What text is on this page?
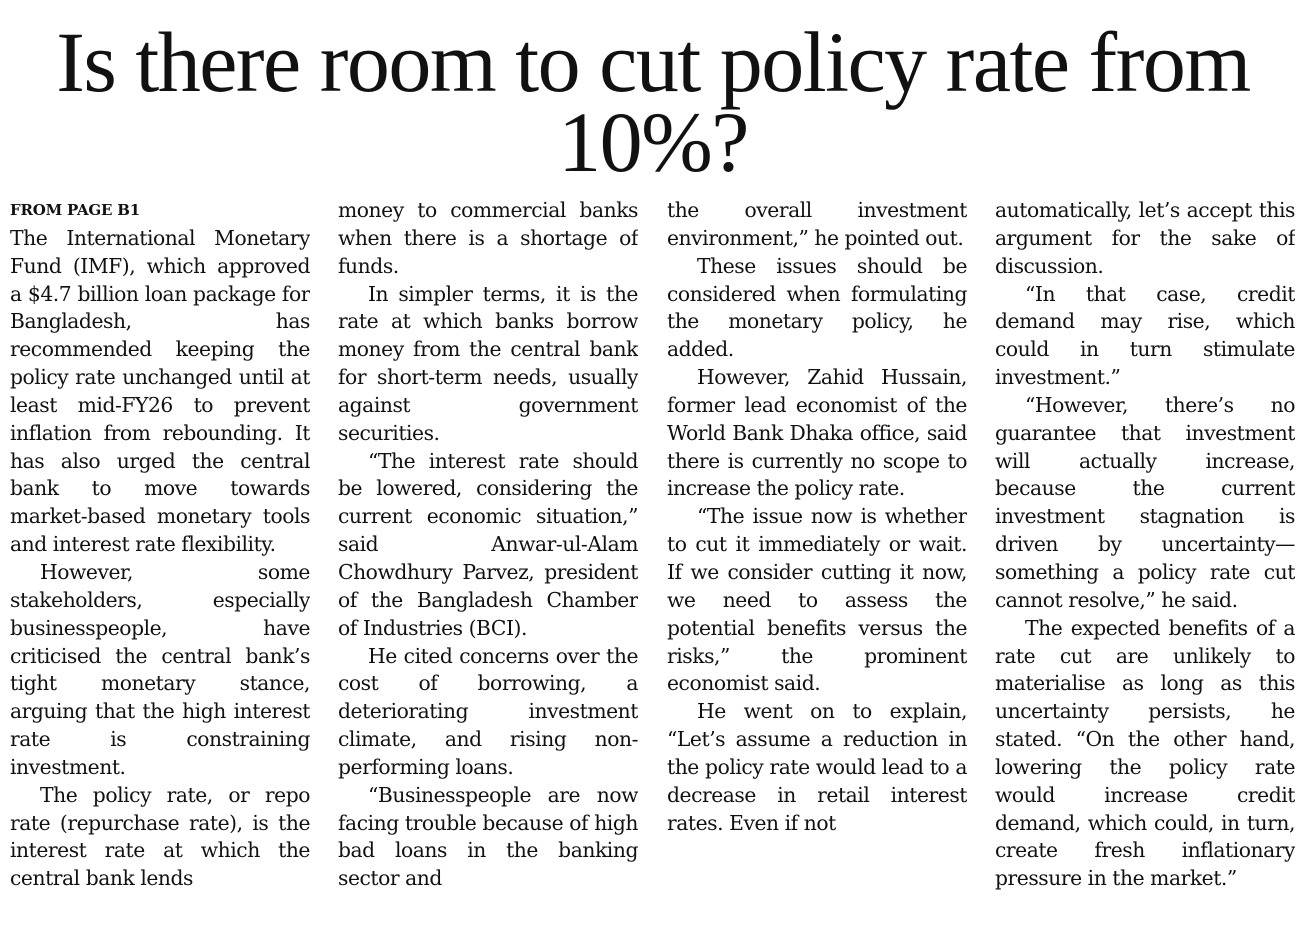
Is there room to cut policy rate from 10%?
FROM PAGE B1

The International Monetary Fund (IMF), which approved a $4.7 billion loan package for Bangladesh, has recommended keeping the policy rate unchanged until at least mid-FY26 to prevent inflation from rebounding. It has also urged the central bank to move towards market-based monetary tools and interest rate flexibility.

However, some stakeholders, especially businesspeople, have criticised the central bank’s tight monetary stance, arguing that the high interest rate is constraining investment.

The policy rate, or repo rate (repurchase rate), is the interest rate at which the central bank lends

money to commercial banks when there is a shortage of funds.

In simpler terms, it is the rate at which banks borrow money from the central bank for short-term needs, usually against government securities.

“The interest rate should be lowered, considering the current economic situation,” said Anwar-ul-Alam Chowdhury Parvez, president of the Bangladesh Chamber of Industries (BCI).

He cited concerns over the cost of borrowing, a deteriorating investment climate, and rising non-performing loans.

“Businesspeople are now facing trouble because of high bad loans in the banking sector and

the overall investment environment,” he pointed out.

These issues should be considered when formulating the monetary policy, he added.

However, Zahid Hussain, former lead economist of the World Bank Dhaka office, said there is currently no scope to increase the policy rate.

“The issue now is whether to cut it immediately or wait. If we consider cutting it now, we need to assess the potential benefits versus the risks,” the prominent economist said.

He went on to explain, “Let’s assume a reduction in the policy rate would lead to a decrease in retail interest rates. Even if not

automatically, let’s accept this argument for the sake of discussion.

“In that case, credit demand may rise, which could in turn stimulate investment.”

“However, there’s no guarantee that investment will actually increase, because the current investment stagnation is driven by uncertainty—something a policy rate cut cannot resolve,” he said.

The expected benefits of a rate cut are unlikely to materialise as long as this uncertainty persists, he stated. “On the other hand, lowering the policy rate would increase credit demand, which could, in turn, create fresh inflationary pressure in the market.”
